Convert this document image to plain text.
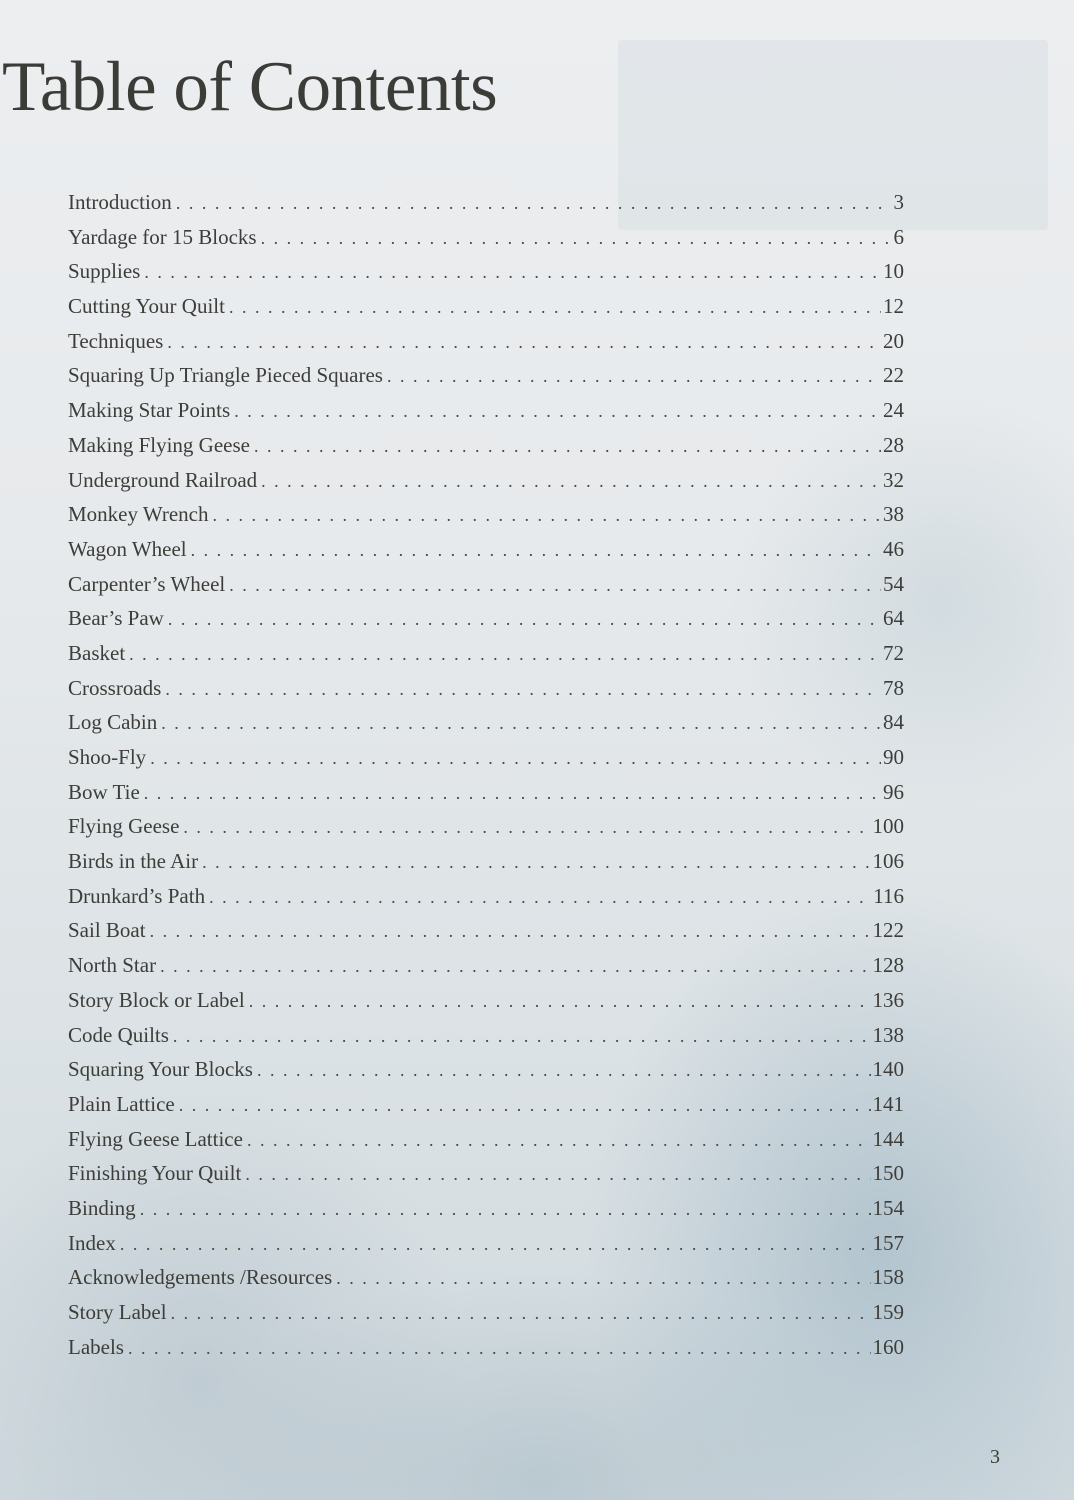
Table of Contents
Introduction . . .	3
Yardage for 15 Blocks . . .	6
Supplies . . .	10
Cutting Your Quilt . . .	12
Techniques . . .	20
Squaring Up Triangle Pieced Squares . . .	22
Making Star Points . . .	24
Making Flying Geese . . .	28
Underground Railroad . . .	32
Monkey Wrench . . .	38
Wagon Wheel . . .	46
Carpenter’s Wheel . . .	54
Bear’s Paw . . .	64
Basket . . .	72
Crossroads . . .	78
Log Cabin . . .	84
Shoo-Fly . . .	90
Bow Tie . . .	96
Flying Geese . . .	100
Birds in the Air . . .	106
Drunkard’s Path . . .	116
Sail Boat . . .	122
North Star . . .	128
Story Block or Label . . .	136
Code Quilts . . .	138
Squaring Your Blocks . . .	140
Plain Lattice . . .	141
Flying Geese Lattice . . .	144
Finishing Your Quilt . . .	150
Binding . . .	154
Index . . .	157
Acknowledgements /Resources . . .	158
Story Label . . .	159
Labels . . .	160
3
